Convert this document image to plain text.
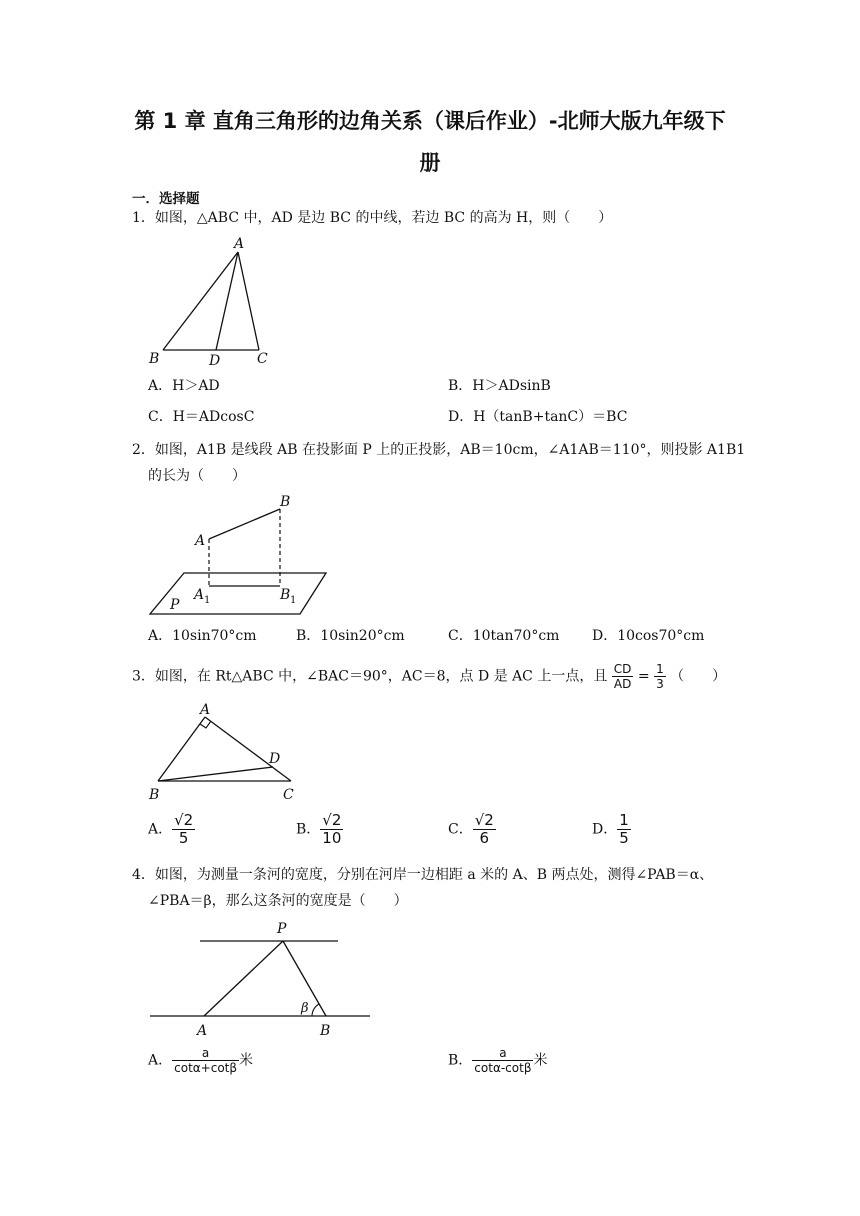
第 1 章 直角三角形的边角关系（课后作业）-北师大版九年级下
册
一．选择题
1．如图，△ABC 中，AD 是边 BC 的中线，若边 BC 的高为 H，则（　　）
A
B	D	C
A．H＞AD	B．H＞ADsinB
C．H＝ADcosC	D．H（tanB+tanC）＝BC
2．如图，A1B 是线段 AB 在投影面 P 上的正投影，AB＝10cm，∠A1AB＝110°，则投影 A1B1
的长为（　　）
A
B
A 1	B 1
P
A．10sin70°cm	B．10sin20°cm	C．10tan70°cm D．10cos70°cm
3．如图，在 Rt△ABC 中，∠BAC＝90°，AC＝8，点 D 是 AC 上一点，且 $\frac{CD}{AD} = \frac{1}{3}$ （　　）
A
B	C
D
A． $\frac{√2}{5}$	B． $\frac{√2}{10}$	C． $\frac{√2}{6}$	D． $\frac{1}{5}$
4．如图，为测量一条河的宽度，分别在河岸一边相距 a 米的 A、B 两点处，测得∠PAB＝α、
∠PBA＝β，那么这条河的宽度是（　　）
P
A	B
β
A． $\frac{a}{\cot\alpha+\cot\beta}$ 米	B． $\frac{a}{\cot\alpha-\cot\beta}$ 米
